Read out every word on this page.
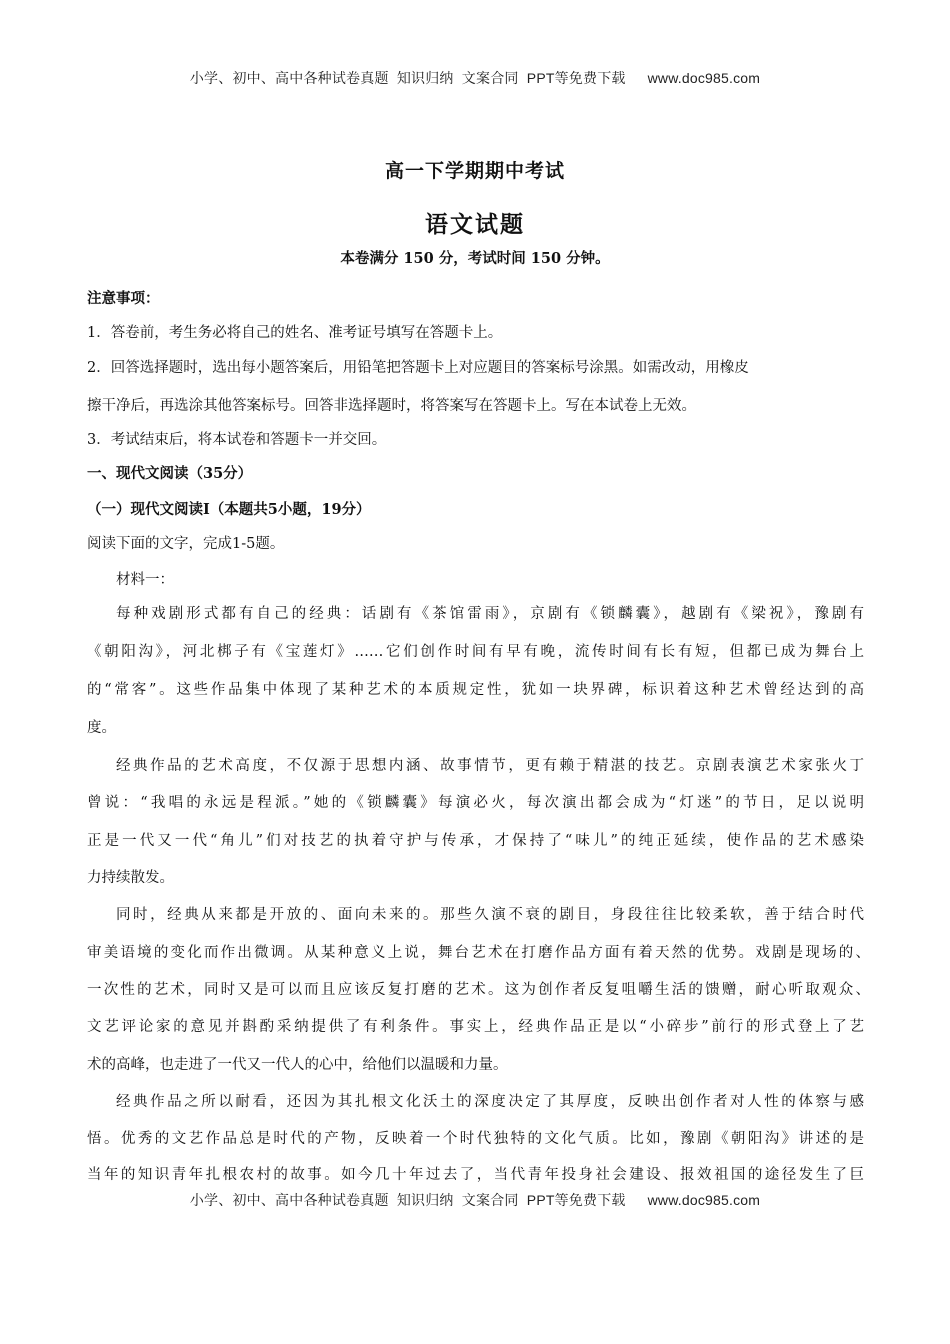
小学、初中、高中各种试卷真题  知识归纳  文案合同  PPT等免费下载 www.doc985.com
高一下学期期中考试
语文试题
本卷满分 150 分，考试时间 150 分钟。
注意事项：
1．答卷前，考生务必将自己的姓名、准考证号填写在答题卡上。
2．回答选择题时，选出每小题答案后，用铅笔把答题卡上对应题目的答案标号涂黑。如需改动，用橡皮
擦干净后，再选涂其他答案标号。回答非选择题时，将答案写在答题卡上。写在本试卷上无效。
3．考试结束后，将本试卷和答题卡一并交回。
一、现代文阅读（35分）
（一）现代文阅读Ⅰ（本题共5小题，19分）
阅读下面的文字，完成1-5题。
材料一：
每种戏剧形式都有自己的经典：话剧有《茶馆雷雨》，京剧有《锁麟囊》，越剧有《梁祝》，豫剧有
《朝阳沟》，河北梆子有《宝莲灯》……它们创作时间有早有晚，流传时间有长有短，但都已成为舞台上
的“常客”。这些作品集中体现了某种艺术的本质规定性，犹如一块界碑，标识着这种艺术曾经达到的高
度。
经典作品的艺术高度，不仅源于思想内涵、故事情节，更有赖于精湛的技艺。京剧表演艺术家张火丁
曾说：“我唱的永远是程派。”她的《锁麟囊》每演必火，每次演出都会成为“灯迷”的节日，足以说明
正是一代又一代“角儿”们对技艺的执着守护与传承，才保持了“味儿”的纯正延续，使作品的艺术感染
力持续散发。
同时，经典从来都是开放的、面向未来的。那些久演不衰的剧目，身段往往比较柔软，善于结合时代
审美语境的变化而作出微调。从某种意义上说，舞台艺术在打磨作品方面有着天然的优势。戏剧是现场的、
一次性的艺术，同时又是可以而且应该反复打磨的艺术。这为创作者反复咀嚼生活的馈赠，耐心听取观众、
文艺评论家的意见并斟酌采纳提供了有利条件。事实上，经典作品正是以“小碎步”前行的形式登上了艺
术的高峰，也走进了一代又一代人的心中，给他们以温暖和力量。
经典作品之所以耐看，还因为其扎根文化沃土的深度决定了其厚度，反映出创作者对人性的体察与感
悟。优秀的文艺作品总是时代的产物，反映着一个时代独特的文化气质。比如，豫剧《朝阳沟》讲述的是
当年的知识青年扎根农村的故事。如今几十年过去了，当代青年投身社会建设、报效祖国的途径发生了巨
小学、初中、高中各种试卷真题  知识归纳  文案合同  PPT等免费下载 www.doc985.com
